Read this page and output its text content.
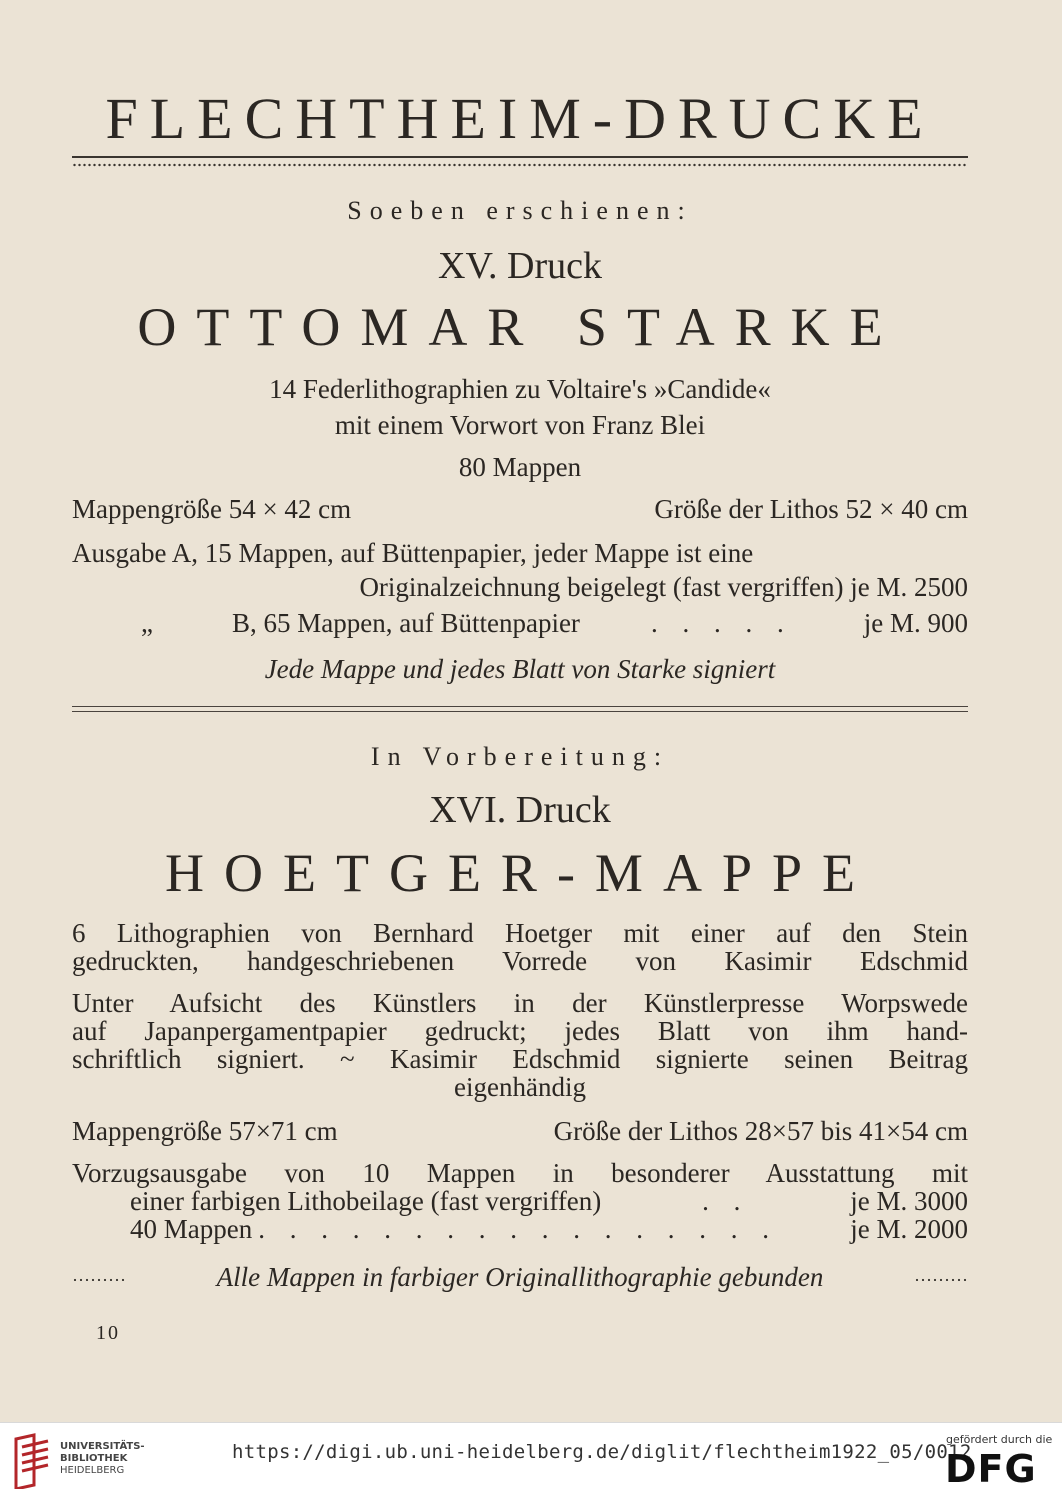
FLECHTHEIM-DRUCKE
Soeben erschienen:
XV. Druck
OTTOMAR STARKE
14 Federlithographien zu Voltaire's »Candide«
mit einem Vorwort von Franz Blei
80 Mappen
Mappengröße 54 × 42 cm	Größe der Lithos 52 × 40 cm
Ausgabe A, 15 Mappen, auf Büttenpapier, jeder Mappe ist eine
Originalzeichnung beigelegt (fast vergriffen) je M. 2500
„	B, 65 Mappen, auf Büttenpapier	. . . . .	je M. 900
Jede Mappe und jedes Blatt von Starke signiert
In Vorbereitung:
XVI. Druck
HOETGER-MAPPE
6 Lithographien von Bernhard Hoetger mit einer auf den Stein
gedruckten, handgeschriebenen Vorrede von Kasimir Edschmid
Unter Aufsicht des Künstlers in der Künstlerpresse Worpswede
auf Japanpergamentpapier gedruckt; jedes Blatt von ihm hand-
schriftlich signiert. ~ Kasimir Edschmid signierte seinen Beitrag
eigenhändig
Mappengröße 57×71 cm	Größe der Lithos 28×57 bis 41×54 cm
Vorzugsausgabe von 10 Mappen in besonderer Ausstattung mit
einer farbigen Lithobeilage (fast vergriffen)	. .	je M. 3000
40 Mappen . . . . . . . . . . . . . . . . .	je M. 2000
·········	Alle Mappen in farbiger Originallithographie gebunden	·········
10
UNIVERSITÄTS-
BIBLIOTHEK
HEIDELBERG
https://digi.ub.uni-heidelberg.de/diglit/flechtheim1922_05/0012
gefördert durch die
DFG
